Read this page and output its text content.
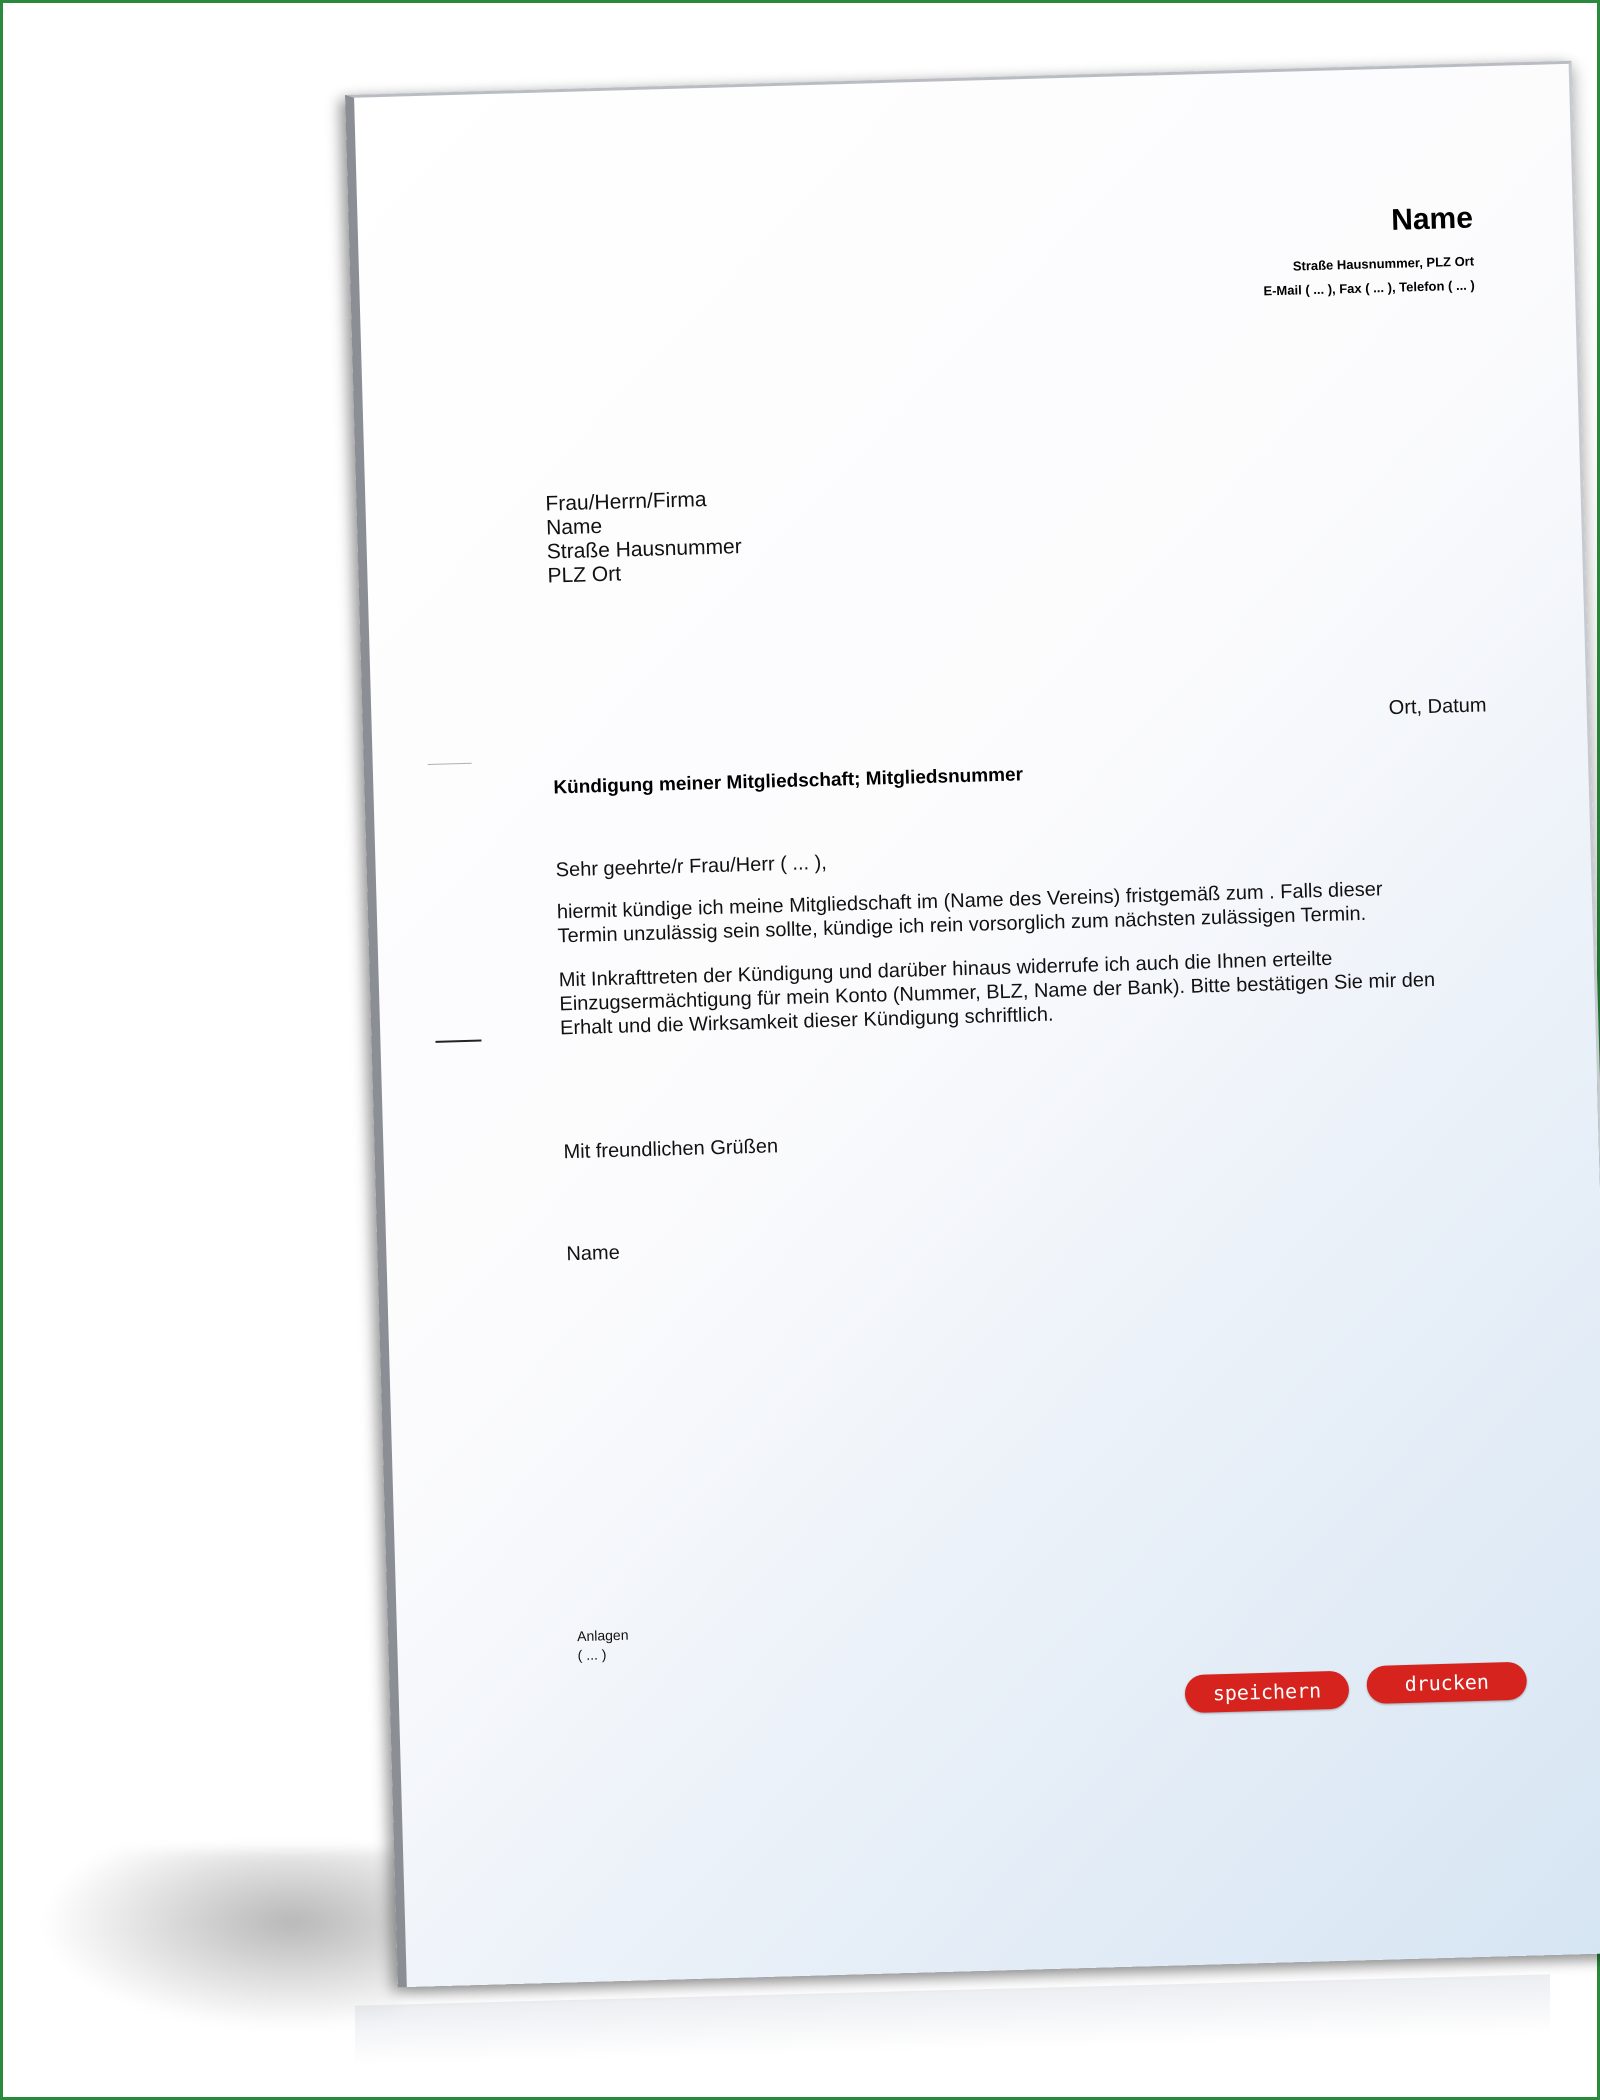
Name
Straße Hausnummer, PLZ Ort
E-Mail ( ... ), Fax ( ... ), Telefon ( ... )
Frau/Herrn/Firma
Name
Straße Hausnummer
PLZ Ort
Ort, Datum
Kündigung meiner Mitgliedschaft; Mitgliedsnummer
Sehr geehrte/r Frau/Herr ( ... ),
hiermit kündige ich meine Mitgliedschaft im (Name des Vereins) fristgemäß zum . Falls dieser Termin unzulässig sein sollte, kündige ich rein vorsorglich zum nächsten zulässigen Termin.
Mit Inkrafttreten der Kündigung und darüber hinaus widerrufe ich auch die Ihnen erteilte Einzugsermächtigung für mein Konto (Nummer, BLZ, Name der Bank). Bitte bestätigen Sie mir den Erhalt und die Wirksamkeit dieser Kündigung schriftlich.
Mit freundlichen Grüßen
Name
Anlagen
( ... )
speichern	drucken
